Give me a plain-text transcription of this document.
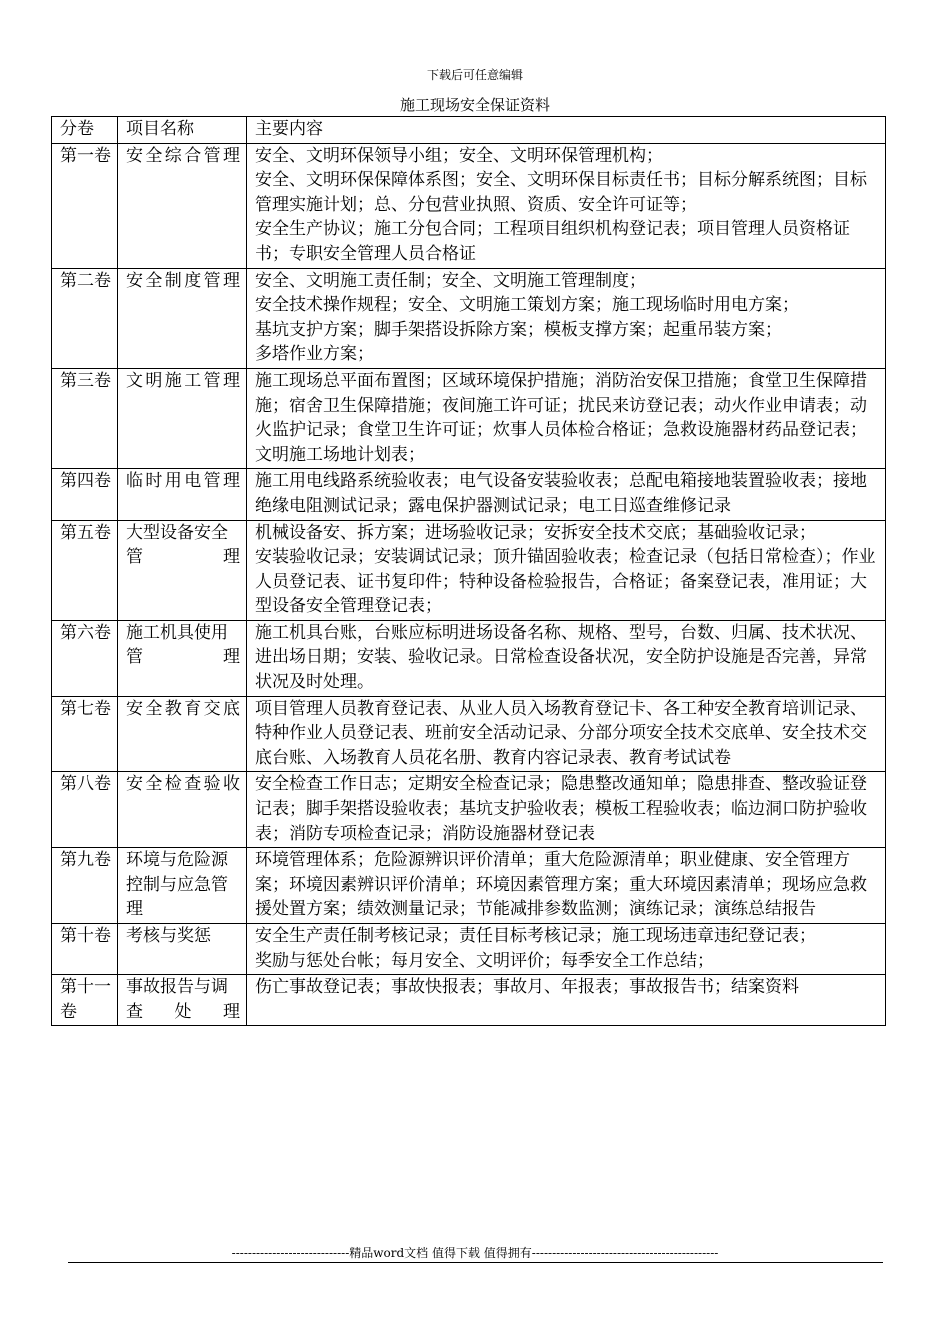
下载后可任意编辑
施工现场安全保证资料
分卷	项目名称	主要内容
第一卷	安全综合管理	安全、文明环保领导小组；安全、文明环保管理机构；
安全、文明环保保障体系图；安全、文明环保目标责任书；目标分解系统图；目标管理实施计划；总、分包营业执照、资质、安全许可证等；
安全生产协议；施工分包合同；工程项目组织机构登记表；项目管理人员资格证书；专职安全管理人员合格证

第二卷	安全制度管理	安全、文明施工责任制；安全、文明施工管理制度；
安全技术操作规程；安全、文明施工策划方案；施工现场临时用电方案；
基坑支护方案；脚手架搭设拆除方案；模板支撑方案；起重吊装方案；
多塔作业方案；

第三卷	文明施工管理	施工现场总平面布置图；区域环境保护措施；消防治安保卫措施；食堂卫生保障措施；宿舍卫生保障措施；夜间施工许可证；扰民来访登记表；动火作业申请表；动火监护记录；食堂卫生许可证；炊事人员体检合格证；急救设施器材药品登记表；文明施工场地计划表；

第四卷	临时用电管理	施工用电线路系统验收表；电气设备安装验收表；总配电箱接地装置验收表；接地绝缘电阻测试记录；露电保护器测试记录；电工日巡查维修记录

第五卷	大型设备安全管理	机械设备安、拆方案；进场验收记录；安拆安全技术交底；基础验收记录；
安装验收记录；安装调试记录；顶升锚固验收表；检查记录（包括日常检查）；作业人员登记表、证书复印件；特种设备检验报告，合格证；备案登记表，准用证；大型设备安全管理登记表；

第六卷	施工机具使用管理	施工机具台账，台账应标明进场设备名称、规格、型号，台数、归属、技术状况、进出场日期；安装、验收记录。日常检查设备状况，安全防护设施是否完善，异常状况及时处理。

第七卷	安全教育交底	项目管理人员教育登记表、从业人员入场教育登记卡、各工种安全教育培训记录、特种作业人员登记表、班前安全活动记录、分部分项安全技术交底单、安全技术交底台账、入场教育人员花名册、教育内容记录表、教育考试试卷

第八卷	安全检查验收	安全检查工作日志；定期安全检查记录；隐患整改通知单；隐患排查、整改验证登记表；脚手架搭设验收表；基坑支护验收表；模板工程验收表；临边洞口防护验收表；消防专项检查记录；消防设施器材登记表

第九卷	环境与危险源控制与应急管理	环境管理体系；危险源辨识评价清单；重大危险源清单；职业健康、安全管理方案；环境因素辨识评价清单；环境因素管理方案；重大环境因素清单；现场应急救援处置方案；绩效测量记录；节能减排参数监测；演练记录；演练总结报告

第十卷	考核与奖惩	安全生产责任制考核记录；责任目标考核记录；施工现场违章违纪登记表；
奖励与惩处台帐；每月安全、文明评价；每季安全工作总结；

第十一卷	事故报告与调查处理	伤亡事故登记表；事故快报表；事故月、年报表；事故报告书；结案资料
-----------------------------精品word文档 值得下载 值得拥有----------------------------------------------
